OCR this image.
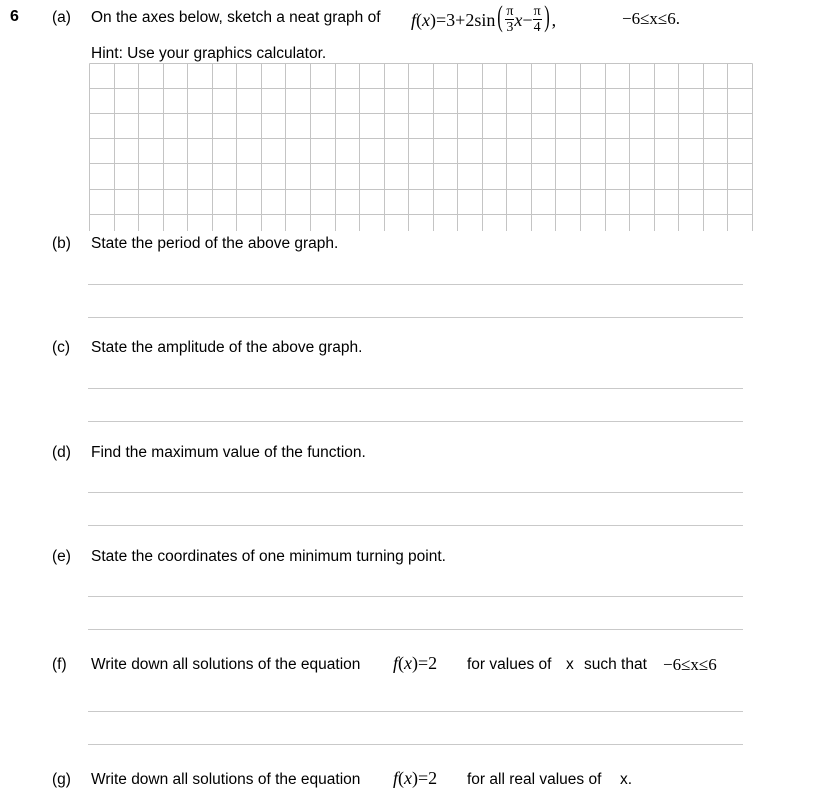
6 (a) On the axes below, sketch a neat graph of f ( x ) =3+2sin ( $\frac{\pi}{3}$ $x - \frac{\pi}{4}$ ) ,	−6≤x≤6.
Hint: Use your graphics calculator.
(b) State the period of the above graph.
(c) State the amplitude of the above graph.
(d) Find the maximum value of the function.
(e) State the coordinates of one minimum turning point.
(f) Write down all solutions of the equation f(x)=2 for values of x such that −6≤x≤6
(g) Write down all solutions of the equation f(x)=2 for all real values of x.
